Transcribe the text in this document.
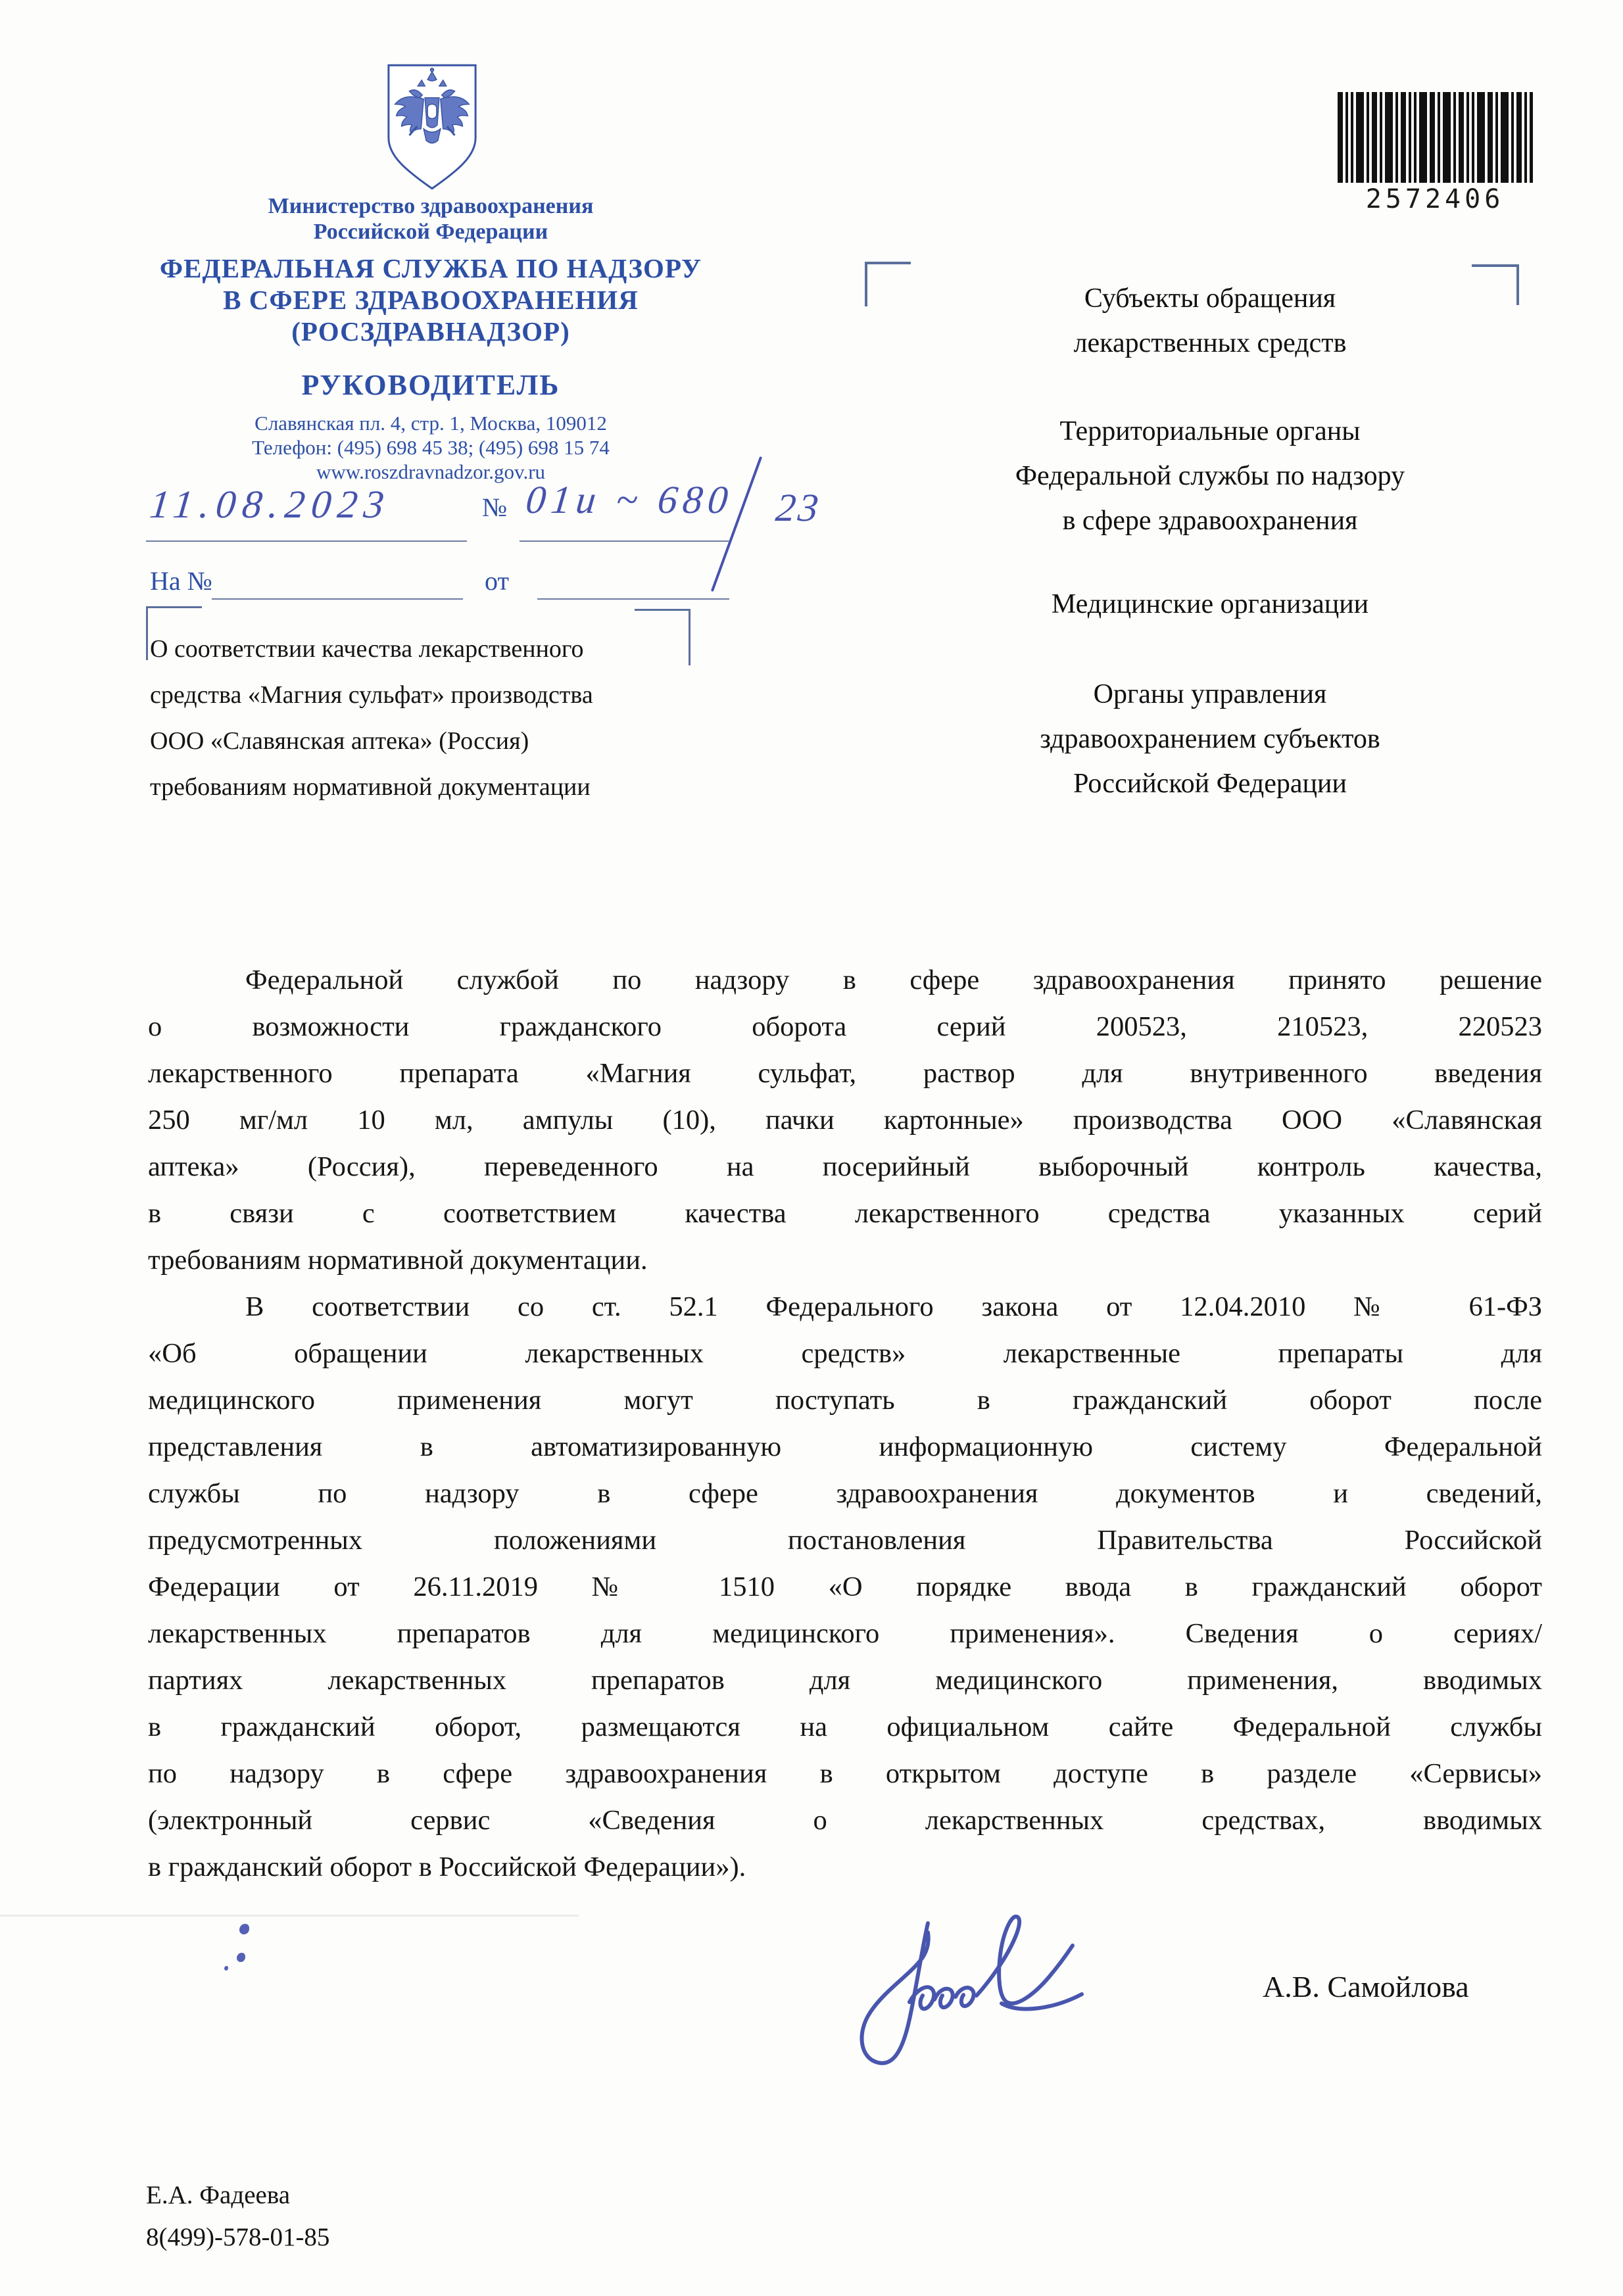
Министерство здравоохранения
Российской Федерации
ФЕДЕРАЛЬНАЯ СЛУЖБА ПО НАДЗОРУ
В СФЕРЕ ЗДРАВООХРАНЕНИЯ
(РОСЗДРАВНАДЗОР)
РУКОВОДИТЕЛЬ
Славянская пл. 4, стр. 1, Москва, 109012
Телефон: (495) 698 45 38; (495) 698 15 74
www.roszdravnadzor.gov.ru
11.08.2023	№ 01и ~ 680 23
На №	от
О соответствии качества лекарственного
средства «Магния сульфат» производства
ООО «Славянская аптека» (Россия)
требованиям нормативной документации
2572406
Субъекты обращения
лекарственных средств
Территориальные органы
Федеральной службы по надзору
в сфере здравоохранения
Медицинские организации
Органы управления
здравоохранением субъектов
Российской Федерации
Федеральной службой по надзору в сфере здравоохранения принято решение
о возможности гражданского оборота серий 200523, 210523, 220523
лекарственного препарата «Магния сульфат, раствор для внутривенного введения
250 мг/мл 10 мл, ампулы (10), пачки картонные» производства ООО «Славянская
аптека» (Россия), переведенного на посерийный выборочный контроль качества,
в связи с соответствием качества лекарственного средства указанных серий
требованиям нормативной документации.
В соответствии со ст. 52.1 Федерального закона от 12.04.2010 № 61-ФЗ
«Об обращении лекарственных средств» лекарственные препараты для
медицинского применения могут поступать в гражданский оборот после
представления в автоматизированную информационную систему Федеральной
службы по надзору в сфере здравоохранения документов и сведений,
предусмотренных положениями постановления Правительства Российской
Федерации от 26.11.2019 № 1510 «О порядке ввода в гражданский оборот
лекарственных препаратов для медицинского применения». Сведения о сериях/
партиях лекарственных препаратов для медицинского применения, вводимых
в гражданский оборот, размещаются на официальном сайте Федеральной службы
по надзору в сфере здравоохранения в открытом доступе в разделе «Сервисы»
(электронный сервис «Сведения о лекарственных средствах, вводимых
в гражданский оборот в Российской Федерации»).
А.В. Самойлова
Е.А. Фадеева
8(499)-578-01-85
